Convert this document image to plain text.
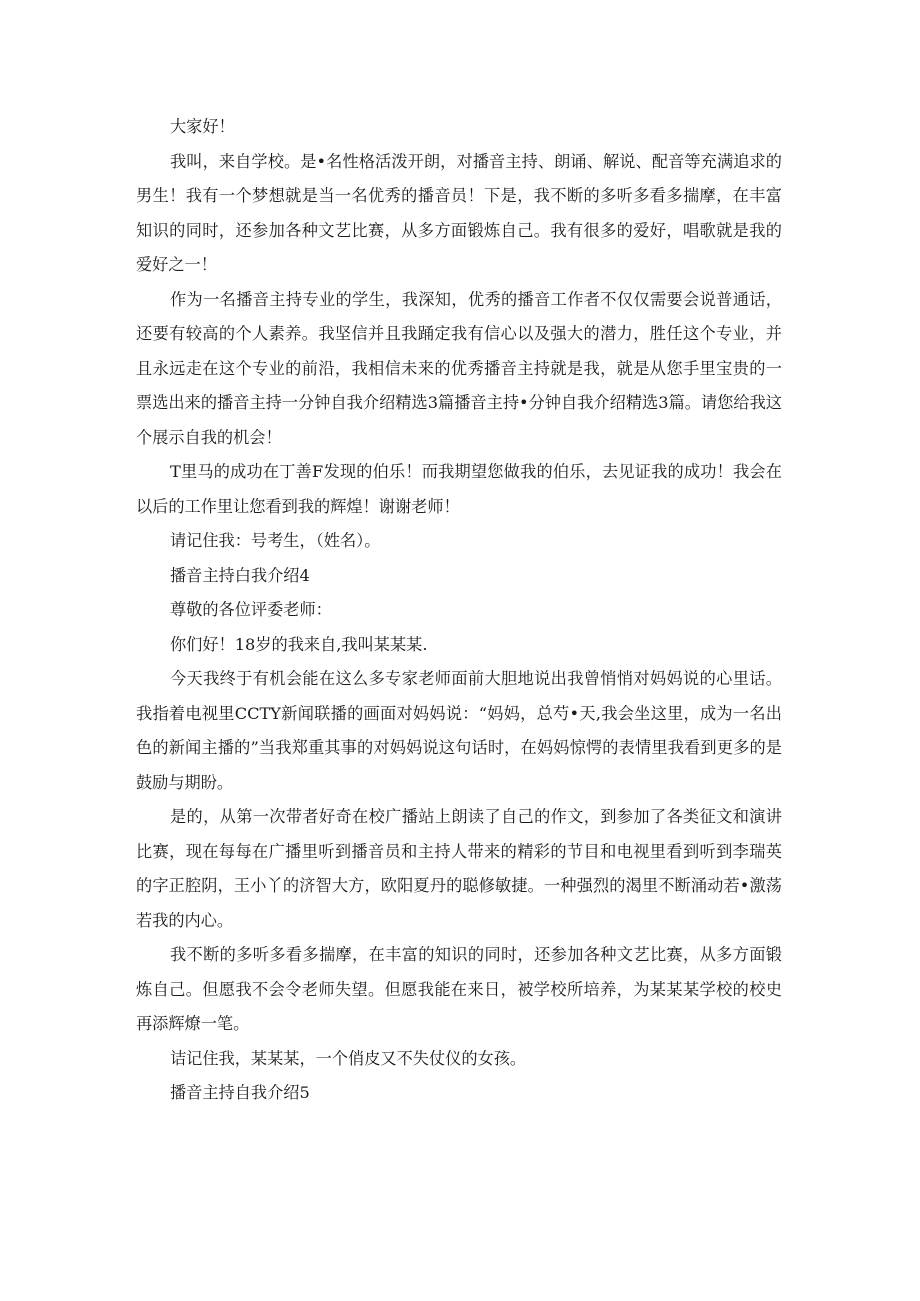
大家好！

我叫，来自学校。是•名性格活泼开朗，对播音主持、朗诵、解说、配音等充满追求的男生！我有一个梦想就是当一名优秀的播音员！下是，我不断的多听多看多揣摩，在丰富知识的同时，还参加各种文艺比赛，从多方面锻炼自己。我有很多的爱好，唱歌就是我的爱好之一！

作为一名播音主持专业的学生，我深知，优秀的播音工作者不仅仅需要会说普通话，还要有较高的个人素养。我坚信并且我踊定我有信心以及强大的潜力，胜任这个专业，并且永远走在这个专业的前沿，我相信未来的优秀播音主持就是我，就是从您手里宝贵的一票选出来的播音主持一分钟自我介绍精选3篇播音主持•分钟自我介绍精选3篇。请您给我这个展示自我的机会！

T里马的成功在丁善F发现的伯乐！而我期望您做我的伯乐，去见证我的成功！我会在以后的工作里让您看到我的辉煌！谢谢老师！

请记住我：号考生，（姓名）。

播音主持白我介绍4

尊敬的各位评委老师：

你们好！18岁的我来自,我叫某某某.

今天我终于有机会能在这么多专家老师面前大胆地说出我曾悄悄对妈妈说的心里话。我指着电视里CCTY新闻联播的画面对妈妈说：“妈妈，总芍•天,我会坐这里，成为一名出色的新闻主播的”当我郑重其事的对妈妈说这句话时，在妈妈惊愕的表情里我看到更多的是鼓励与期盼。

是的，从第一次带者好奇在校广播站上朗读了自己的作文，到参加了各类征文和演讲比赛，现在每每在广播里听到播音员和主持人带来的精彩的节目和电视里看到听到李瑞英的字正腔阴，王小丫的济智大方，欧阳夏丹的聪修敏捷。一种强烈的渴里不断涌动若•激荡若我的内心。

我不断的多听多看多揣摩，在丰富的知识的同时，还参加各种文艺比赛，从多方面锻炼自己。但愿我不会令老师失望。但愿我能在来日，被学校所培养，为某某某学校的校史再添辉燎一笔。

诘记住我，某某某，一个俏皮又不失仗仪的女孩。

播音主持自我介绍5
